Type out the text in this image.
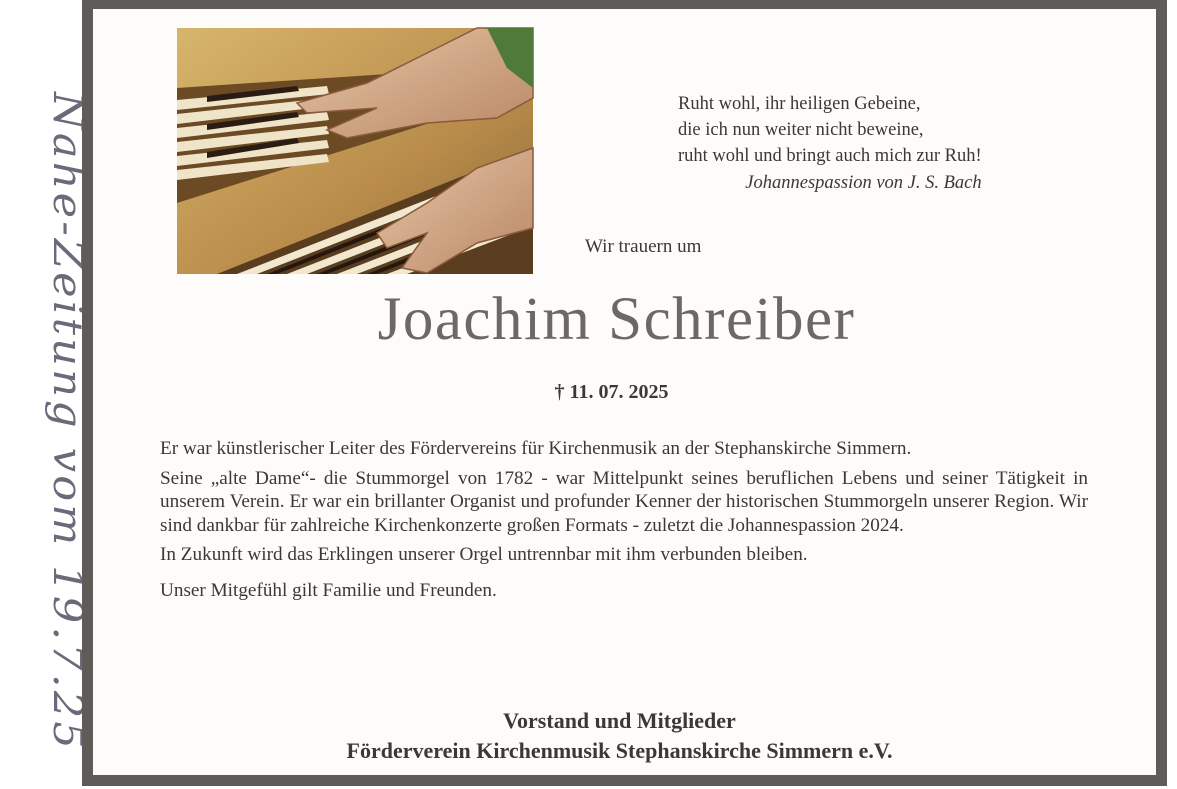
Nahe-Zeitung vom 19.7.25	Ruht wohl, ihr heiligen Gebeine,
die ich nun weiter nicht beweine,
ruht wohl und bringt auch mich zur Ruh!
Johannespassion von J. S. Bach
Wir trauern um
Joachim Schreiber
† 11. 07. 2025

Er war künstlerischer Leiter des Fördervereins für Kirchenmusik an der Stephanskirche Simmern.

Seine „alte Dame“- die Stummorgel von 1782 - war Mittelpunkt seines beruflichen Lebens und seiner Tätigkeit in unserem Verein. Er war ein brillanter Organist und profunder Kenner der historischen Stummorgeln unserer Region. Wir sind dankbar für zahlreiche Kirchenkonzerte großen Formats - zuletzt die Johannespassion 2024.

In Zukunft wird das Erklingen unserer Orgel untrennbar mit ihm verbunden bleiben.

Unser Mitgefühl gilt Familie und Freunden.

Vorstand und Mitglieder
Förderverein Kirchenmusik Stephanskirche Simmern e.V.
